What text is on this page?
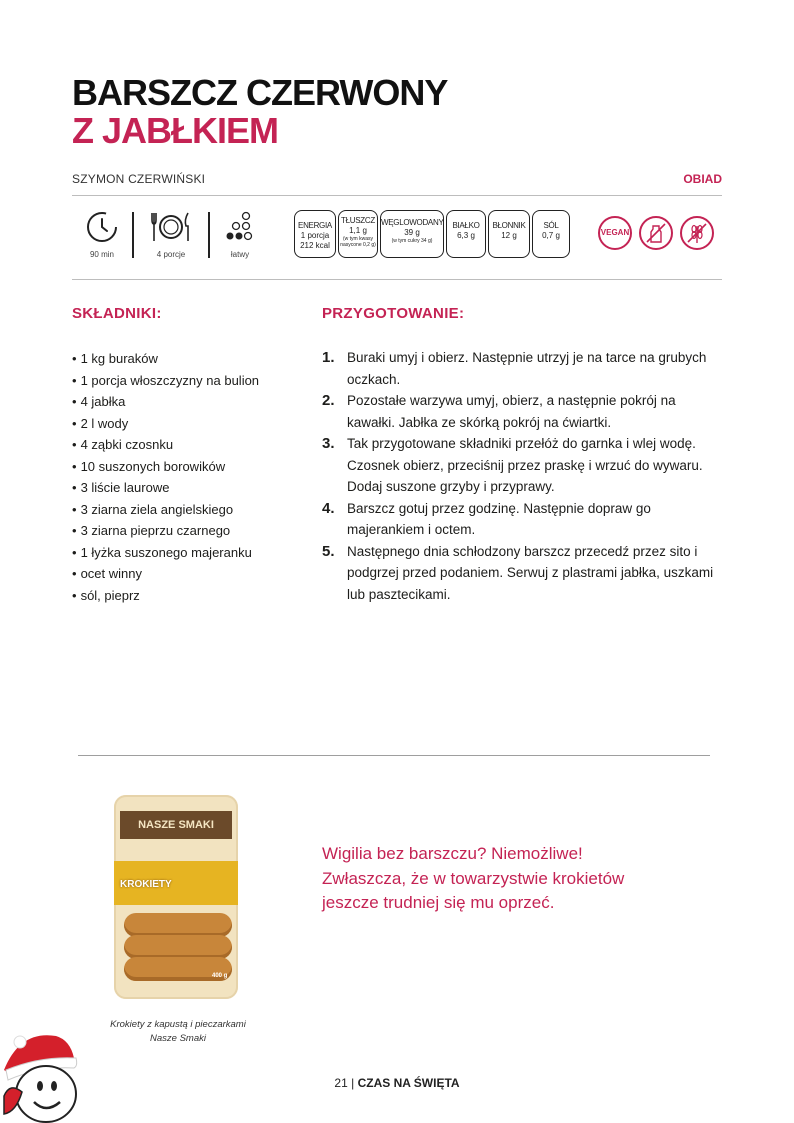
BARSZCZ CZERWONY
Z JABŁKIEM
SZYMON CZERWIŃSKI	OBIAD
90 min	4 porcje	łatwy
ENERGIA
1 porcja
212 kcal
TŁUSZCZ
1,1 g
(w tym kwasy
nasycone 0,2 g)
WĘGLOWODANY
39 g
(w tym cukry 34 g)
BIAŁKO
6,3 g
BŁONNIK
12 g
SÓL
0,7 g	VEGAN
SKŁADNIKI:
• 1 kg buraków
• 1 porcja włoszczyzny na bulion
• 4 jabłka
• 2 l wody
• 4 ząbki czosnku
• 10 suszonych borowików
• 3 liście laurowe
• 3 ziarna ziela angielskiego
• 3 ziarna pieprzu czarnego
• 1 łyżka suszonego majeranku
• ocet winny
• sól, pieprz
PRZYGOTOWANIE:
1. Buraki umyj i obierz. Następnie utrzyj je na tarce na grubych oczkach.
2. Pozostałe warzywa umyj, obierz, a następnie pokrój na kawałki. Jabłka ze skórką pokrój na ćwiartki.
3. Tak przygotowane składniki przełóż do garnka i wlej wodę. Czosnek obierz, przeciśnij przez praskę i wrzuć do wywaru. Dodaj suszone grzyby i przyprawy.
4. Barszcz gotuj przez godzinę. Następnie dopraw go majerankiem i octem.
5. Następnego dnia schłodzony barszcz przecedź przez sito i podgrzej przed podaniem. Serwuj z plastrami jabłka, uszkami lub pasztecikami.
NASZE SMAKI
KROKIETY
400 g
Krokiety z kapustą i pieczarkami
Nasze Smaki
Wigilia bez barszczu? Niemożliwe!
Zwłaszcza, że w towarzystwie krokietów
jeszcze trudniej się mu oprzeć.
21 | CZAS NA ŚWIĘTA
